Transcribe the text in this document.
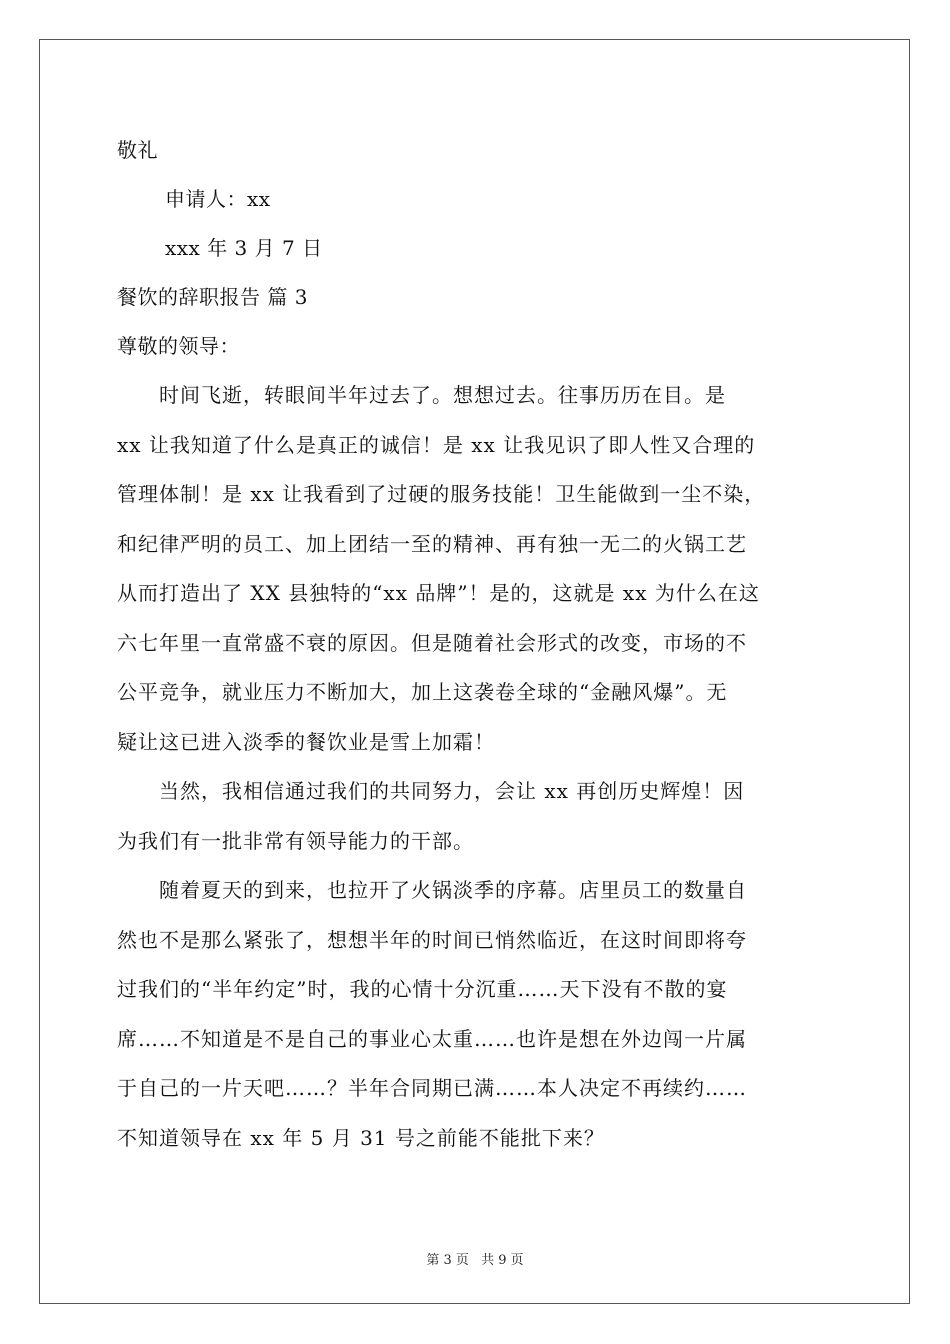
敬礼
申请人：xx
xxx 年 3 月 7 日
餐饮的辞职报告 篇 3
尊敬的领导：
　　时间飞逝，转眼间半年过去了。想想过去。往事历历在目。是
xx 让我知道了什么是真正的诚信！是 xx 让我见识了即人性又合理的
管理体制！是 xx 让我看到了过硬的服务技能！卫生能做到一尘不染，
和纪律严明的员工、加上团结一至的精神、再有独一无二的火锅工艺
从而打造出了 XX 县独特的“xx 品牌”！是的，这就是 xx 为什么在这
六七年里一直常盛不衰的原因。但是随着社会形式的改变，市场的不
公平竞争，就业压力不断加大，加上这袭卷全球的“金融风爆”。无
疑让这已进入淡季的餐饮业是雪上加霜！
　　当然，我相信通过我们的共同努力，会让 xx 再创历史辉煌！因
为我们有一批非常有领导能力的干部。
　　随着夏天的到来，也拉开了火锅淡季的序幕。店里员工的数量自
然也不是那么紧张了，想想半年的时间已悄然临近，在这时间即将夸
过我们的“半年约定”时，我的心情十分沉重……天下没有不散的宴
席……不知道是不是自己的事业心太重……也许是想在外边闯一片属
于自己的一片天吧……？半年合同期已满……本人决定不再续约……
不知道领导在 xx 年 5 月 31 号之前能不能批下来？
第 3 页 共 9 页
